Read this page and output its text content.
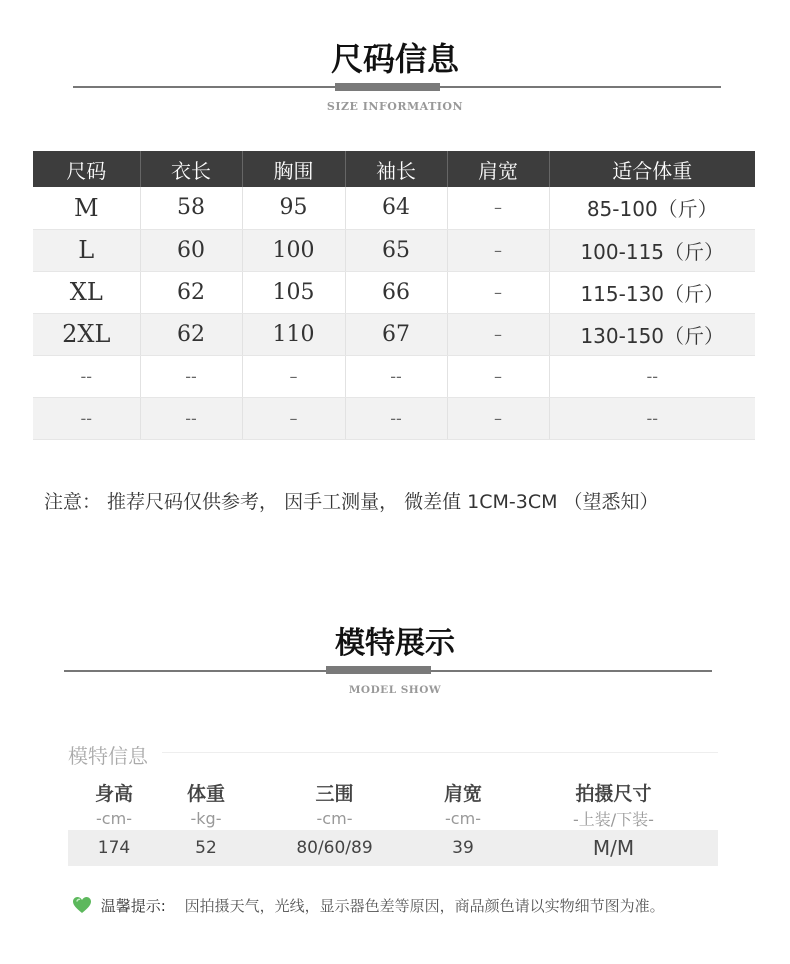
尺码信息
SIZE INFORMATION
尺码	衣长	胸围	袖长	肩宽	适合体重
M	58	95	64	–	85-100（斤）
L	60	100	65	–	100-115（斤）
XL	62	105	66	–	115-130（斤）
2XL	62	110	67	–	130-150（斤）
--	--	–	--	–	--
--	--	–	--	–	--
注意： 推荐尺码仅供参考， 因手工测量， 微差值 1CM-3CM （望悉知）
模特展示
MODEL SHOW
模特信息
身高	体重	三围	肩宽	拍摄尺寸
-cm-	-kg-	-cm-	-cm-	-上装/下装-
174	52	80/60/89	39	M/M
温馨提示: 因拍摄天气，光线，显示器色差等原因，商品颜色请以实物细节图为准。
